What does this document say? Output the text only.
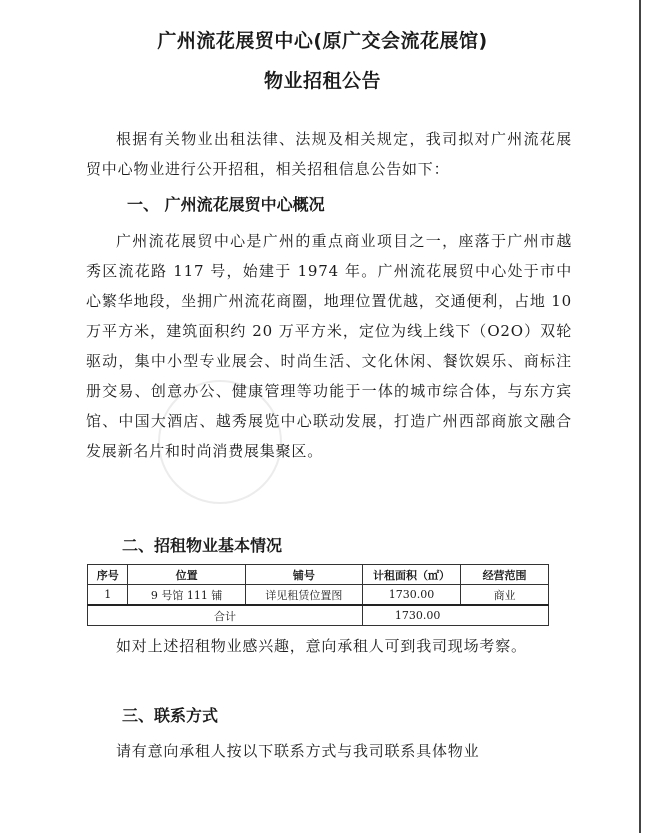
广州流花展贸中心(原广交会流花展馆)
物业招租公告
根据有关物业出租法律、法规及相关规定，我司拟对广州流花展贸中心物业进行公开招租，相关招租信息公告如下：
一、 广州流花展贸中心概况
广州流花展贸中心是广州的重点商业项目之一，座落于广州市越秀区流花路 117 号，始建于 1974 年。广州流花展贸中心处于市中心繁华地段，坐拥广州流花商圈，地理位置优越，交通便利，占地 10 万平方米，建筑面积约 20 万平方米，定位为线上线下（O2O）双轮驱动，集中小型专业展会、时尚生活、文化休闲、餐饮娱乐、商标注册交易、创意办公、健康管理等功能于一体的城市综合体，与东方宾馆、中国大酒店、越秀展览中心联动发展，打造广州西部商旅文融合发展新名片和时尚消费展集聚区。
二、招租物业基本情况
序号	位置	铺号	计租面积（㎡）	经营范围
1	9 号馆 111 铺	详见租赁位置图	1730.00	商业
合计			1730.00	
如对上述招租物业感兴趣，意向承租人可到我司现场考察。
三、联系方式
请有意向承租人按以下联系方式与我司联系具体物业
